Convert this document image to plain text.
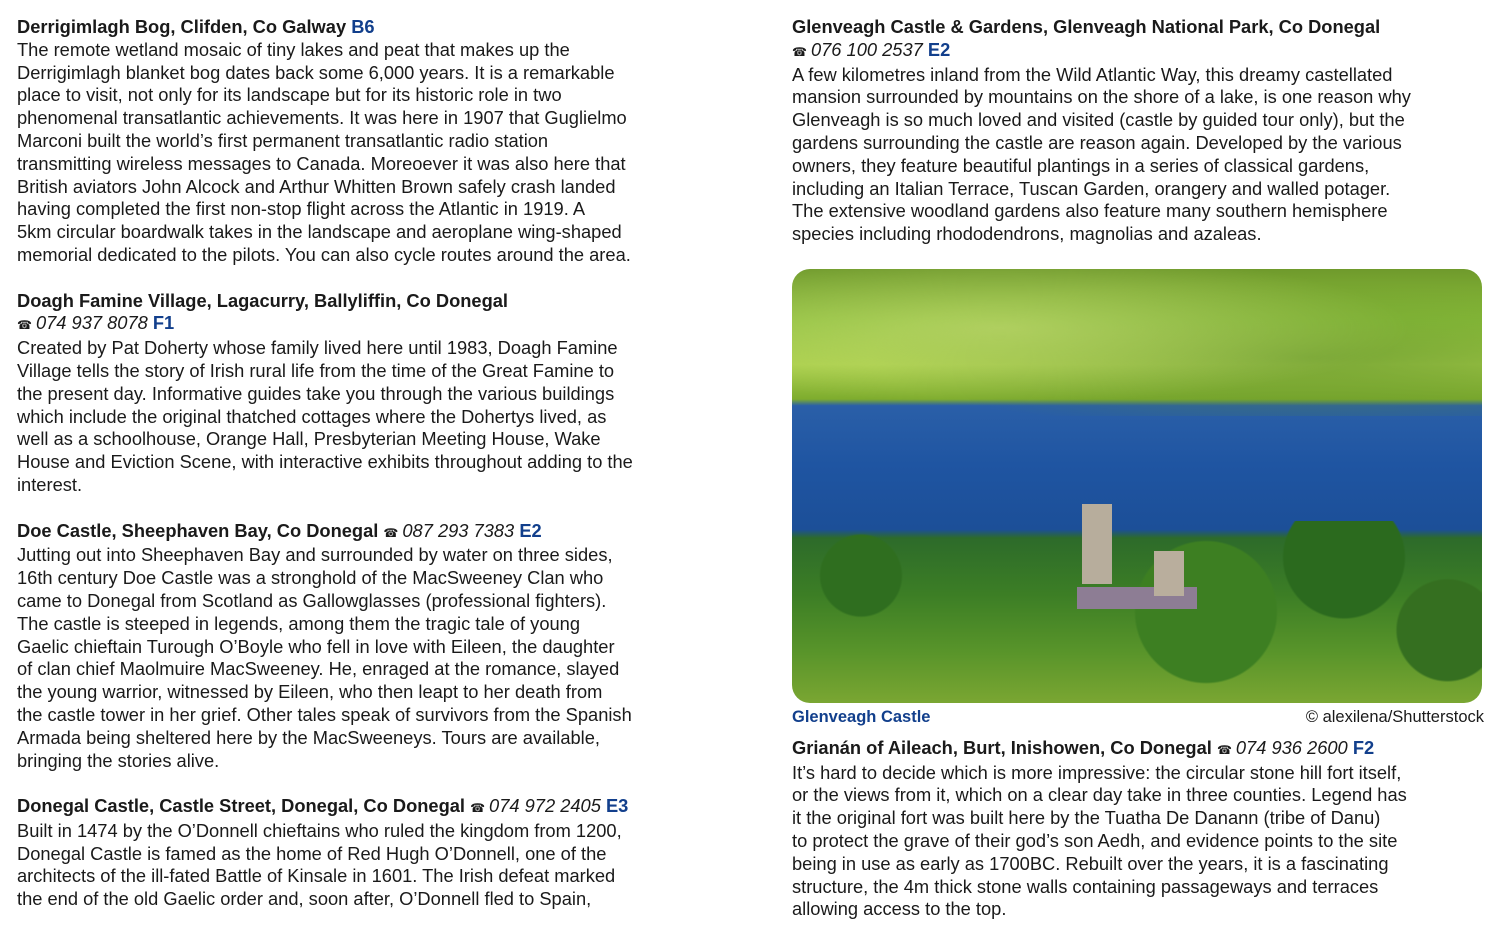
Derrigimlagh Bog, Clifden, Co Galway B6
The remote wetland mosaic of tiny lakes and peat that makes up the
Derrigimlagh blanket bog dates back some 6,000 years. It is a remarkable
place to visit, not only for its landscape but for its historic role in two
phenomenal transatlantic achievements. It was here in 1907 that Guglielmo
Marconi built the world’s first permanent transatlantic radio station
transmitting wireless messages to Canada. Moreoever it was also here that
British aviators John Alcock and Arthur Whitten Brown safely crash landed
having completed the first non-stop flight across the Atlantic in 1919. A
5km circular boardwalk takes in the landscape and aeroplane wing-shaped
memorial dedicated to the pilots. You can also cycle routes around the area.
Doagh Famine Village, Lagacurry, Ballyliffin, Co Donegal
☎ 074 937 8078 F1
Created by Pat Doherty whose family lived here until 1983, Doagh Famine
Village tells the story of Irish rural life from the time of the Great Famine to
the present day. Informative guides take you through the various buildings
which include the original thatched cottages where the Dohertys lived, as
well as a schoolhouse, Orange Hall, Presbyterian Meeting House, Wake
House and Eviction Scene, with interactive exhibits throughout adding to the
interest.
Doe Castle, Sheephaven Bay, Co Donegal ☎ 087 293 7383 E2
Jutting out into Sheephaven Bay and surrounded by water on three sides,
16th century Doe Castle was a stronghold of the MacSweeney Clan who
came to Donegal from Scotland as Gallowglasses (professional fighters).
The castle is steeped in legends, among them the tragic tale of young
Gaelic chieftain Turough O’Boyle who fell in love with Eileen, the daughter
of clan chief Maolmuire MacSweeney. He, enraged at the romance, slayed
the young warrior, witnessed by Eileen, who then leapt to her death from
the castle tower in her grief. Other tales speak of survivors from the Spanish
Armada being sheltered here by the MacSweeneys. Tours are available,
bringing the stories alive.
Donegal Castle, Castle Street, Donegal, Co Donegal ☎ 074 972 2405 E3
Built in 1474 by the O’Donnell chieftains who ruled the kingdom from 1200,
Donegal Castle is famed as the home of Red Hugh O’Donnell, one of the
architects of the ill-fated Battle of Kinsale in 1601. The Irish defeat marked
the end of the old Gaelic order and, soon after, O’Donnell fled to Spain,
Glenveagh Castle & Gardens, Glenveagh National Park, Co Donegal
☎ 076 100 2537 E2
A few kilometres inland from the Wild Atlantic Way, this dreamy castellated
mansion surrounded by mountains on the shore of a lake, is one reason why
Glenveagh is so much loved and visited (castle by guided tour only), but the
gardens surrounding the castle are reason again. Developed by the various
owners, they feature beautiful plantings in a series of classical gardens,
including an Italian Terrace, Tuscan Garden, orangery and walled potager.
The extensive woodland gardens also feature many southern hemisphere
species including rhododendrons, magnolias and azaleas.
Glenveagh Castle	© alexilena/Shutterstock
Grianán of Aileach, Burt, Inishowen, Co Donegal ☎ 074 936 2600 F2
It’s hard to decide which is more impressive: the circular stone hill fort itself,
or the views from it, which on a clear day take in three counties. Legend has
it the original fort was built here by the Tuatha De Danann (tribe of Danu)
to protect the grave of their god’s son Aedh, and evidence points to the site
being in use as early as 1700BC. Rebuilt over the years, it is a fascinating
structure, the 4m thick stone walls containing passageways and terraces
allowing access to the top.
